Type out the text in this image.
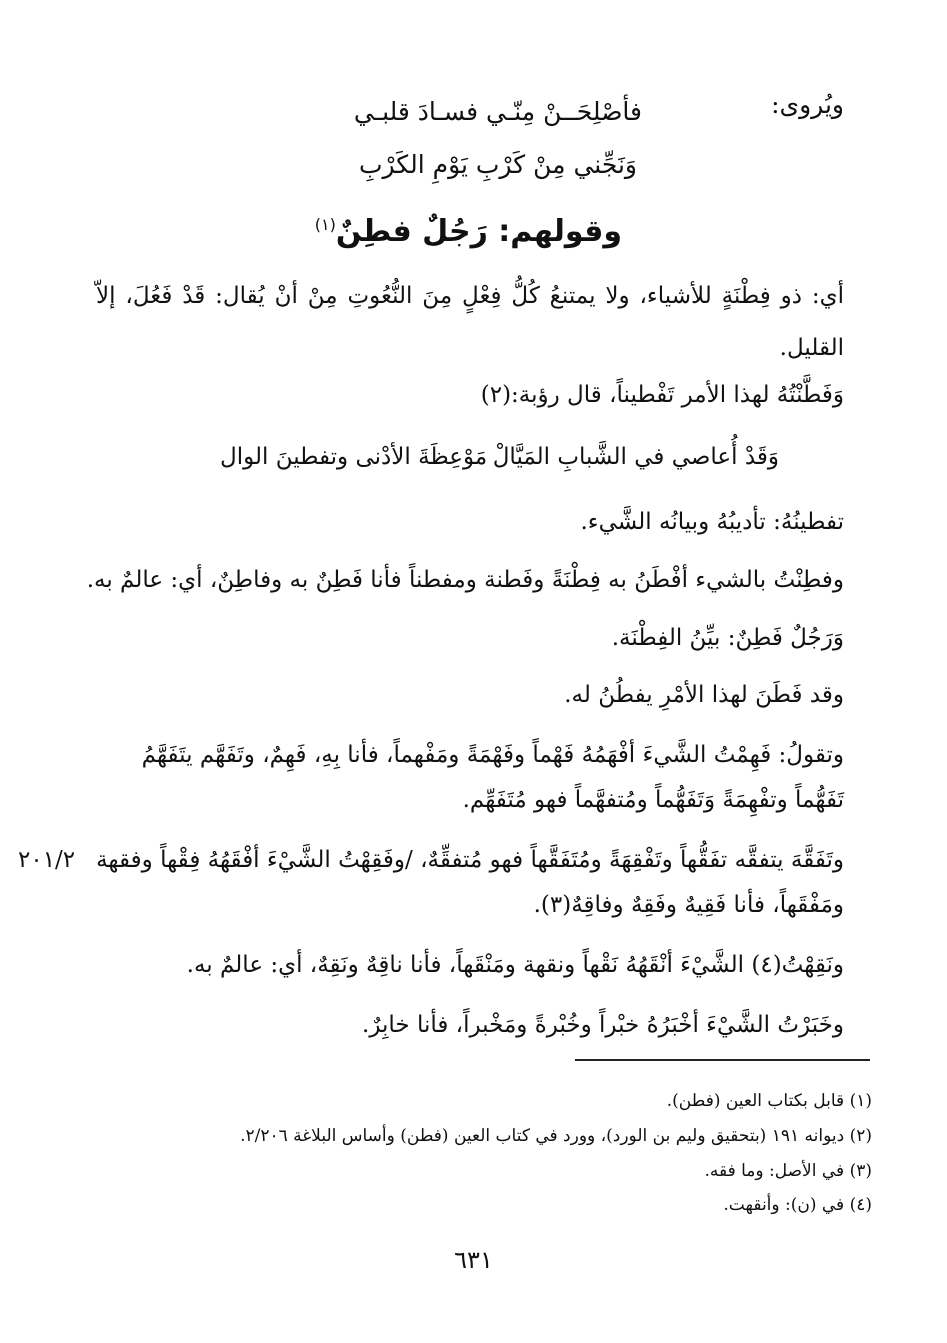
ويُروى:
فأصْلِحَــنْ مِنّـي فسـادَ قلبـي
وَنَجِّني مِنْ كَرْبِ يَوْمِ الكَرْبِ
وقولهم: رَجُلٌ فطِنٌ$^{(١)}$
أي: ذو فِطْنَةٍ للأشياء، ولا يمتنعُ كُلُّ فِعْلٍ مِنَ النُّعُوتِ مِنْ أنْ يُقال: قَدْ فَعُلَ، إلاّ القليل.
وَفَطَّنْتُهُ لهذا الأمر تَفْطيناً، قال رؤبة:(٢)
وَقَدْ أُعاصي في الشَّبابِ المَيَّالْ
مَوْعِظَةَ الأدْنى وتفطينَ الوال
تفطينُهُ: تأديبُهُ وبيانُه الشَّيء.
وفطِنْتُ بالشيء أفْطَنُ به فِطْنَةً وفَطنة ومفطناً فأنا فَطِنٌ به وفاطِنٌ، أي: عالمٌ به.
وَرَجُلٌ فَطِنٌ: بيِّنُ الفِطْنَة.
وقد فَطَنَ لهذا الأمْرِ يفطُنُ له.
وتقولُ: فَهِمْتُ الشَّيءَ أفْهَمُهُ فَهْماً وفَهْمَةً ومَفْهماً، فأنا بِهِ، فَهِمٌ، وتَفَهَّم يتَفَهَّمُ
تَفَهُّماً وتفْهِمَةً وَتَفَهُّماً ومُتفهَّماً فهو مُتَفَهِّم.
وتَفَقَّهَ يتفقَّه تفَقُّهاً وتَفْقِهَةً ومُتَفَقَّهاً فهو مُتفقِّهٌ، /وفَقِهْتُ الشَّيْءَ أفْقَهُهُ فِقْهاً وفقهة
٢٠١/٢
ومَفْقَهاً، فأنا فَقِيهٌ وفَقِهٌ وفاقِهٌ(٣).
ونَقِهْتُ(٤) الشَّيْءَ أنْقَهُهُ نَقْهاً ونقهة ومَنْقَهاً، فأنا ناقِهٌ ونَقِهٌ، أي: عالمٌ به.
وخَبَرْتُ الشَّيْءَ أخْبَرُهُ خبْراً وخُبْرةً ومَخْبراً، فأنا خابِرٌ.
(١) قابل بكتاب العين (فطن).
(٢) ديوانه ١٩١ (بتحقيق وليم بن الورد)، وورد في كتاب العين (فطن) وأساس البلاغة ٢/٢٠٦.
(٣) في الأصل: وما فقه.
(٤) في (ن): وأنقهت.
٦٣١
